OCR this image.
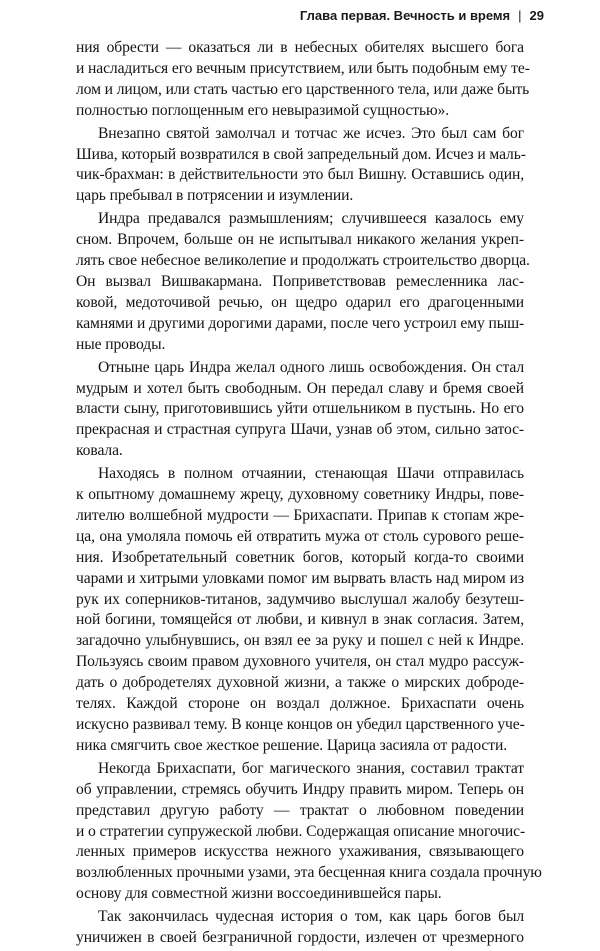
Глава первая. Вечность и время | 29
ния обрести — оказаться ли в небесных обителях высшего бога
и насладиться его вечным присутствием, или быть подобным ему те-
лом и лицом, или стать частью его царственного тела, или даже быть
полностью поглощенным его невыразимой сущностью».
Внезапно святой замолчал и тотчас же исчез. Это был сам бог
Шива, который возвратился в свой запредельный дом. Исчез и маль-
чик-брахман: в действительности это был Вишну. Оставшись один,
царь пребывал в потрясении и изумлении.
Индра предавался размышлениям; случившееся казалось ему
сном. Впрочем, больше он не испытывал никакого желания укреп-
лять свое небесное великолепие и продолжать строительство дворца.
Он вызвал Вишвакармана. Поприветствовав ремесленника лас-
ковой, медоточивой речью, он щедро одарил его драгоценными
камнями и другими дорогими дарами, после чего устроил ему пыш-
ные проводы.
Отныне царь Индра желал одного лишь освобождения. Он стал
мудрым и хотел быть свободным. Он передал славу и бремя своей
власти сыну, приготовившись уйти отшельником в пустынь. Но его
прекрасная и страстная супруга Шачи, узнав об этом, сильно затос-
ковала.
Находясь в полном отчаянии, стенающая Шачи отправилась
к опытному домашнему жрецу, духовному советнику Индры, пове-
лителю волшебной мудрости — Брихаспати. Припав к стопам жре-
ца, она умоляла помочь ей отвратить мужа от столь сурового реше-
ния. Изобретательный советник богов, который когда-то своими
чарами и хитрыми уловками помог им вырвать власть над миром из
рук их соперников-титанов, задумчиво выслушал жалобу безутеш-
ной богини, томящейся от любви, и кивнул в знак согласия. Затем,
загадочно улыбнувшись, он взял ее за руку и пошел с ней к Индре.
Пользуясь своим правом духовного учителя, он стал мудро рассуж-
дать о добродетелях духовной жизни, а также о мирских доброде-
телях. Каждой стороне он воздал должное. Брихаспати очень
искусно развивал тему. В конце концов он убедил царственного уче-
ника смягчить свое жесткое решение. Царица засияла от радости.
Некогда Брихаспати, бог магического знания, составил трактат
об управлении, стремясь обучить Индру править миром. Теперь он
представил другую работу — трактат о любовном поведении
и о стратегии супружеской любви. Содержащая описание многочис-
ленных примеров искусства нежного ухаживания, связывающего
возлюбленных прочными узами, эта бесценная книга создала прочную
основу для совместной жизни воссоединившейся пары.
Так закончилась чудесная история о том, как царь богов был
уничижен в своей безграничной гордости, излечен от чрезмерного
